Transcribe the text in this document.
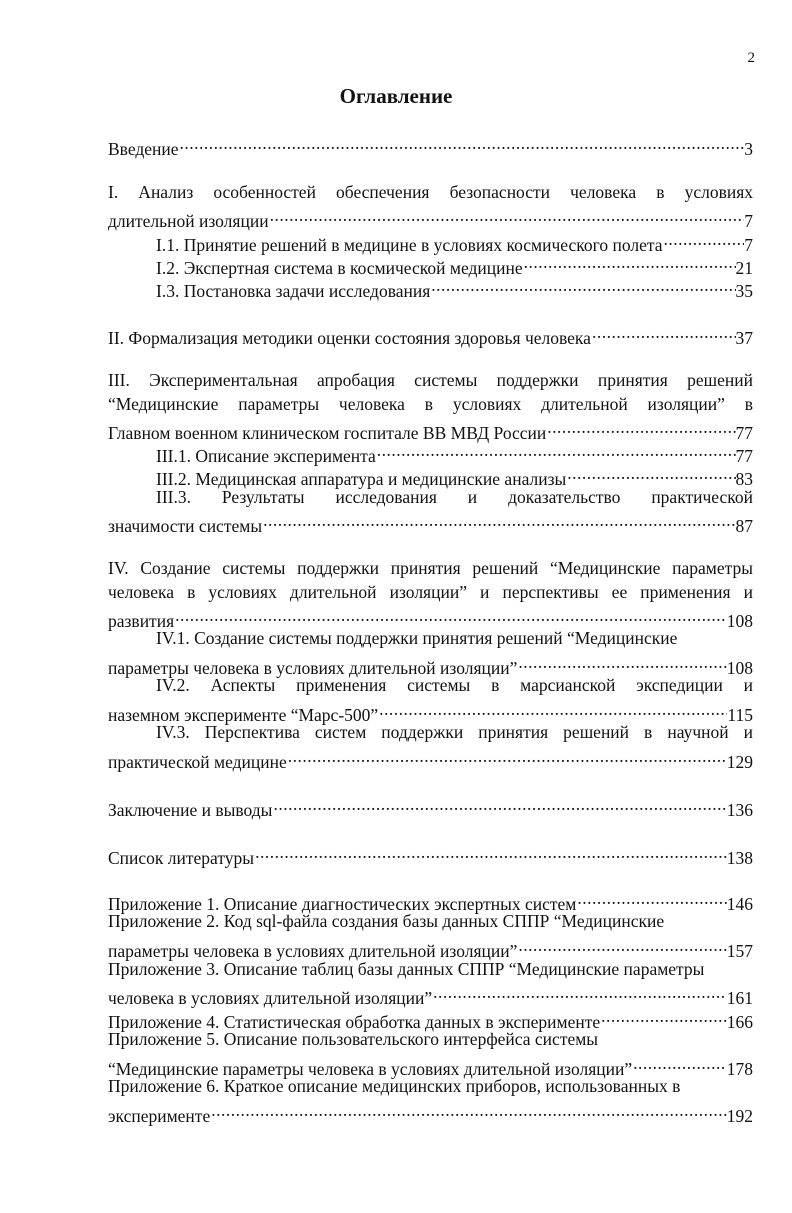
2
Оглавление
Введение .....	3
I. Анализ особенностей обеспечения безопасности человека в условиях
длительной изоляции .....	7
I.1. Принятие решений в медицине в условиях космического полета .....	7
I.2. Экспертная система в космической медицине .....	21
I.3. Постановка задачи исследования .....	35
II. Формализация методики оценки состояния здоровья человека .....	37
III. Экспериментальная апробация системы поддержки принятия решений
“Медицинские параметры человека в условиях длительной изоляции” в
Главном военном клиническом госпитале ВВ МВД России .....	77
III.1. Описание эксперимента .....	77
III.2. Медицинская аппаратура и медицинские анализы .....	83
III.3. Результаты исследования и доказательство практической
значимости системы .....	87
IV. Создание системы поддержки принятия решений “Медицинские параметры
человека в условиях длительной изоляции” и перспективы ее применения и
развития .....	108
IV.1. Создание системы поддержки принятия решений “Медицинские
параметры человека в условиях длительной изоляции” .....	108
IV.2. Аспекты применения системы в марсианской экспедиции и
наземном эксперименте “Марс-500” .....	115
IV.3. Перспектива систем поддержки принятия решений в научной и
практической медицине .....	129
Заключение и выводы .....	136
Список литературы .....	138
Приложение 1. Описание диагностических экспертных систем .....	146
Приложение 2. Код sql-файла создания базы данных СППР “Медицинские
параметры человека в условиях длительной изоляции” .....	157
Приложение 3. Описание таблиц базы данных СППР “Медицинские параметры
человека в условиях длительной изоляции” .....	161
Приложение 4. Статистическая обработка данных в эксперименте .....	166
Приложение 5. Описание пользовательского интерфейса системы
“Медицинские параметры человека в условиях длительной изоляции” .....	178
Приложение 6. Краткое описание медицинских приборов, использованных в
эксперименте .....	192
